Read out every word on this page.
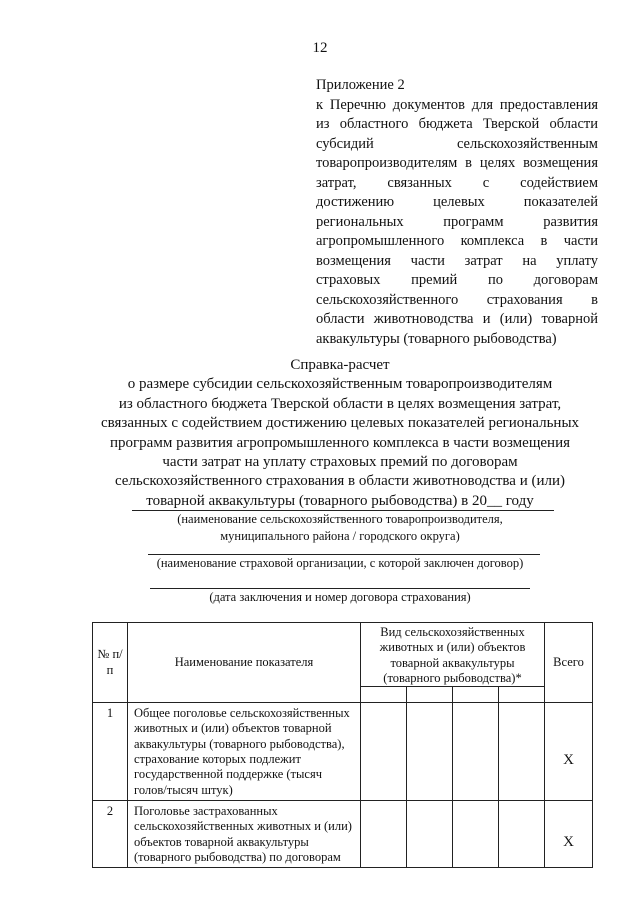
12
Приложение 2
к Перечню документов для предоставления
из областного бюджета Тверской области
субсидий сельскохозяйственным
товаропроизводителям в целях возмещения
затрат, связанных с содействием
достижению целевых показателей
региональных программ развития
агропромышленного комплекса в части
возмещения части затрат на уплату
страховых премий по договорам
сельскохозяйственного страхования в
области животноводства и (или) товарной
аквакультуры (товарного рыбоводства)
Справка-расчет
о размере субсидии сельскохозяйственным товаропроизводителям
из областного бюджета Тверской области в целях возмещения затрат,
связанных с содействием достижению целевых показателей региональных
программ развития агропромышленного комплекса в части возмещения
части затрат на уплату страховых премий по договорам
сельскохозяйственного страхования в области животноводства и (или)
товарной аквакультуры (товарного рыбоводства) в 20__ году
(наименование сельскохозяйственного товаропроизводителя,
муниципального района / городского округа)
(наименование страховой организации, с которой заключен договор)
(дата заключения и номер договора страхования)
№ п/п	Наименование показателя	Вид сельскохозяйственных животных и (или) объектов товарной аквакультуры (товарного рыбоводства)*				Всего

1	Общее поголовье сельскохозяйственных животных и (или) объектов товарной аквакультуры (товарного рыбоводства), страхование которых подлежит государственной поддержке (тысяч голов/тысяч штук)					X
2	Поголовье застрахованных сельскохозяйственных животных и (или) объектов товарной аквакультуры (товарного рыбоводства) по договорам					X
